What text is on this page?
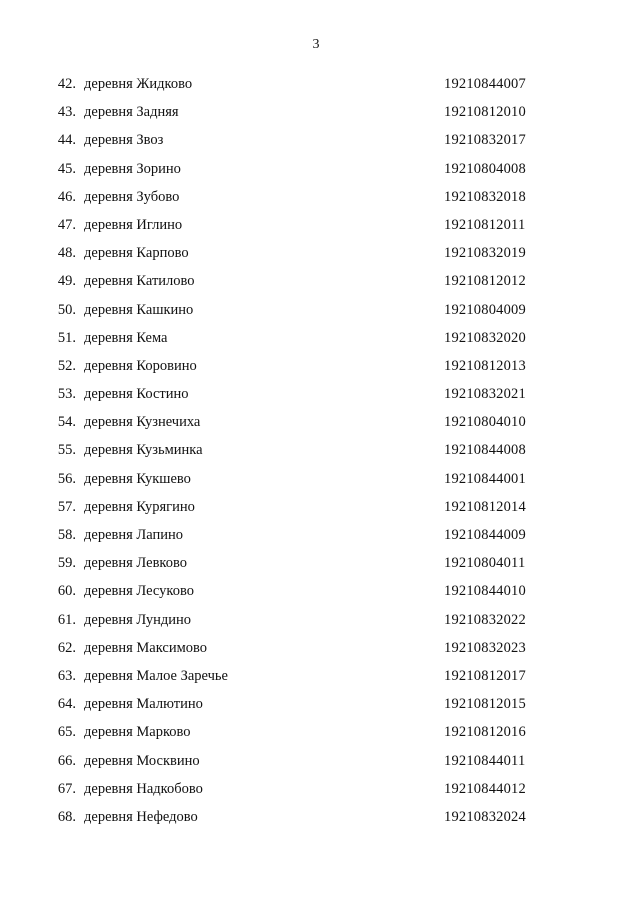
3
42. деревня Жидково	19210844007
43. деревня Задняя	19210812010
44. деревня Звоз	19210832017
45. деревня Зорино	19210804008
46. деревня Зубово	19210832018
47. деревня Иглино	19210812011
48. деревня Карпово	19210832019
49. деревня Катилово	19210812012
50. деревня Кашкино	19210804009
51. деревня Кема	19210832020
52. деревня Коровино	19210812013
53. деревня Костино	19210832021
54. деревня Кузнечиха	19210804010
55. деревня Кузьминка	19210844008
56. деревня Кукшево	19210844001
57. деревня Курягино	19210812014
58. деревня Лапино	19210844009
59. деревня Левково	19210804011
60. деревня Лесуково	19210844010
61. деревня Лундино	19210832022
62. деревня Максимово	19210832023
63. деревня Малое Заречье	19210812017
64. деревня Малютино	19210812015
65. деревня Марково	19210812016
66. деревня Москвино	19210844011
67. деревня Надкобово	19210844012
68. деревня Нефедово	19210832024
